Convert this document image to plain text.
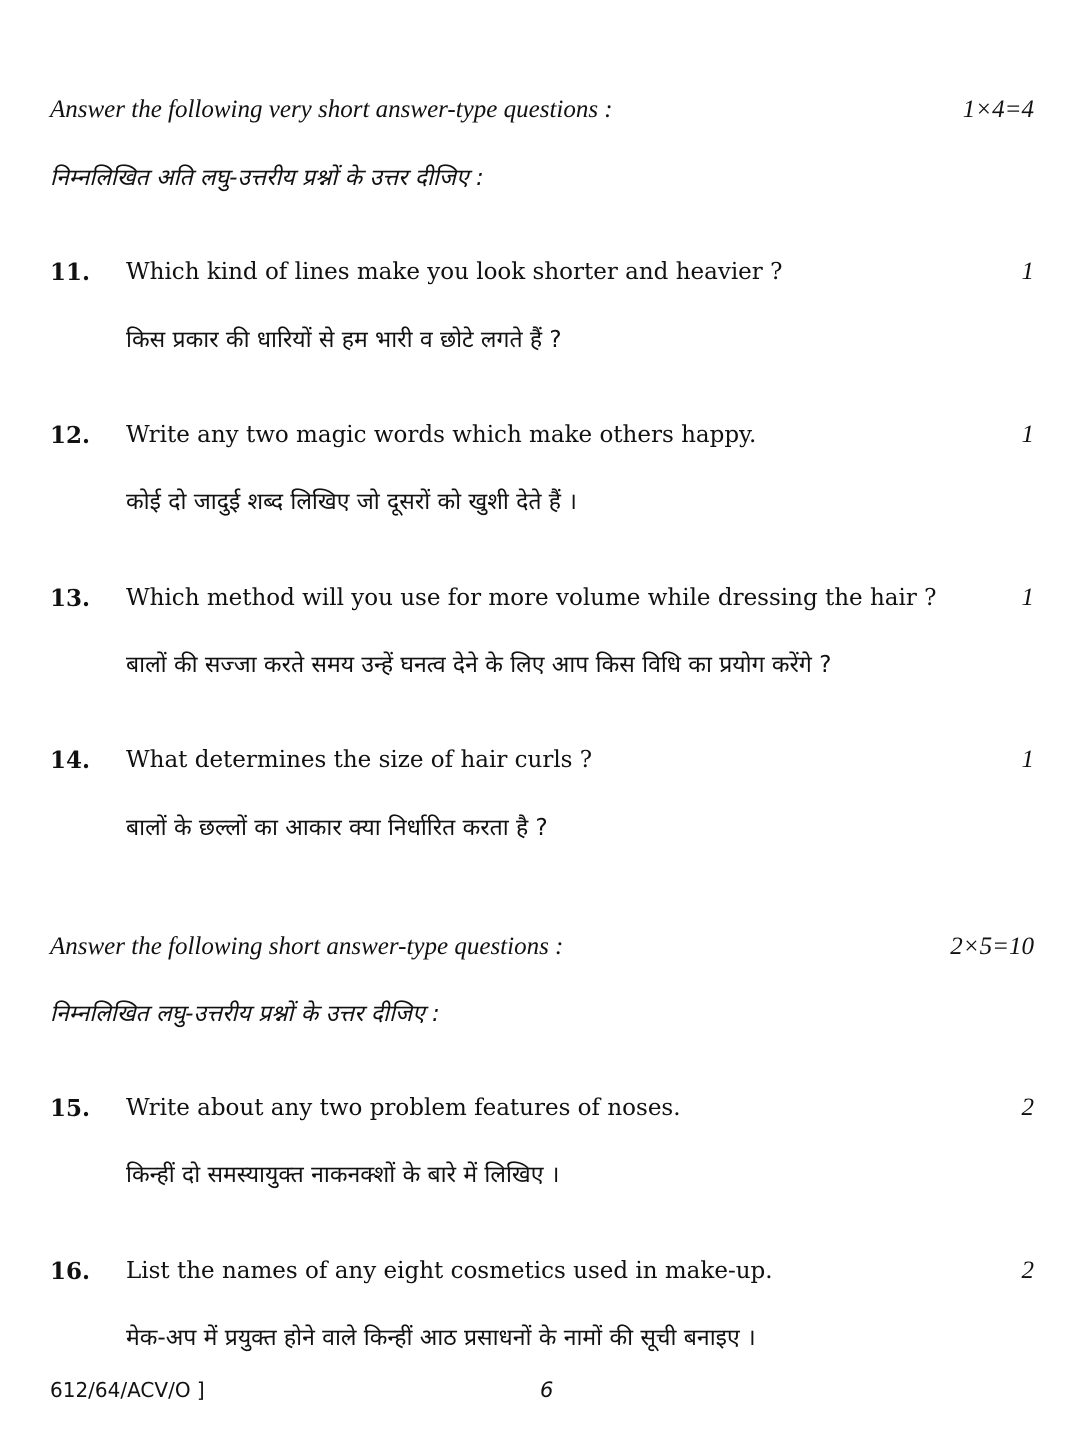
Answer the following very short answer-type questions :	1×4=4
निम्नलिखित अति लघु-उत्तरीय प्रश्नों के उत्तर दीजिए :
11. Which kind of lines make you look shorter and heavier ?	1
किस प्रकार की धारियों से हम भारी व छोटे लगते हैं ?
12. Write any two magic words which make others happy.	1
कोई दो जादुई शब्द लिखिए जो दूसरों को खुशी देते हैं ।
13. Which method will you use for more volume while dressing the hair ?	1
बालों की सज्जा करते समय उन्हें घनत्व देने के लिए आप किस विधि का प्रयोग करेंगे ?
14. What determines the size of hair curls ?	1
बालों के छल्लों का आकार क्या निर्धारित करता है ?
Answer the following short answer-type questions :	2×5=10
निम्नलिखित लघु-उत्तरीय प्रश्नों के उत्तर दीजिए :
15. Write about any two problem features of noses.	2
किन्हीं दो समस्यायुक्त नाकनक्शों के बारे में लिखिए ।
16. List the names of any eight cosmetics used in make-up.	2
मेक-अप में प्रयुक्त होने वाले किन्हीं आठ प्रसाधनों के नामों की सूची बनाइए ।
612/64/ACV/O ]	6
